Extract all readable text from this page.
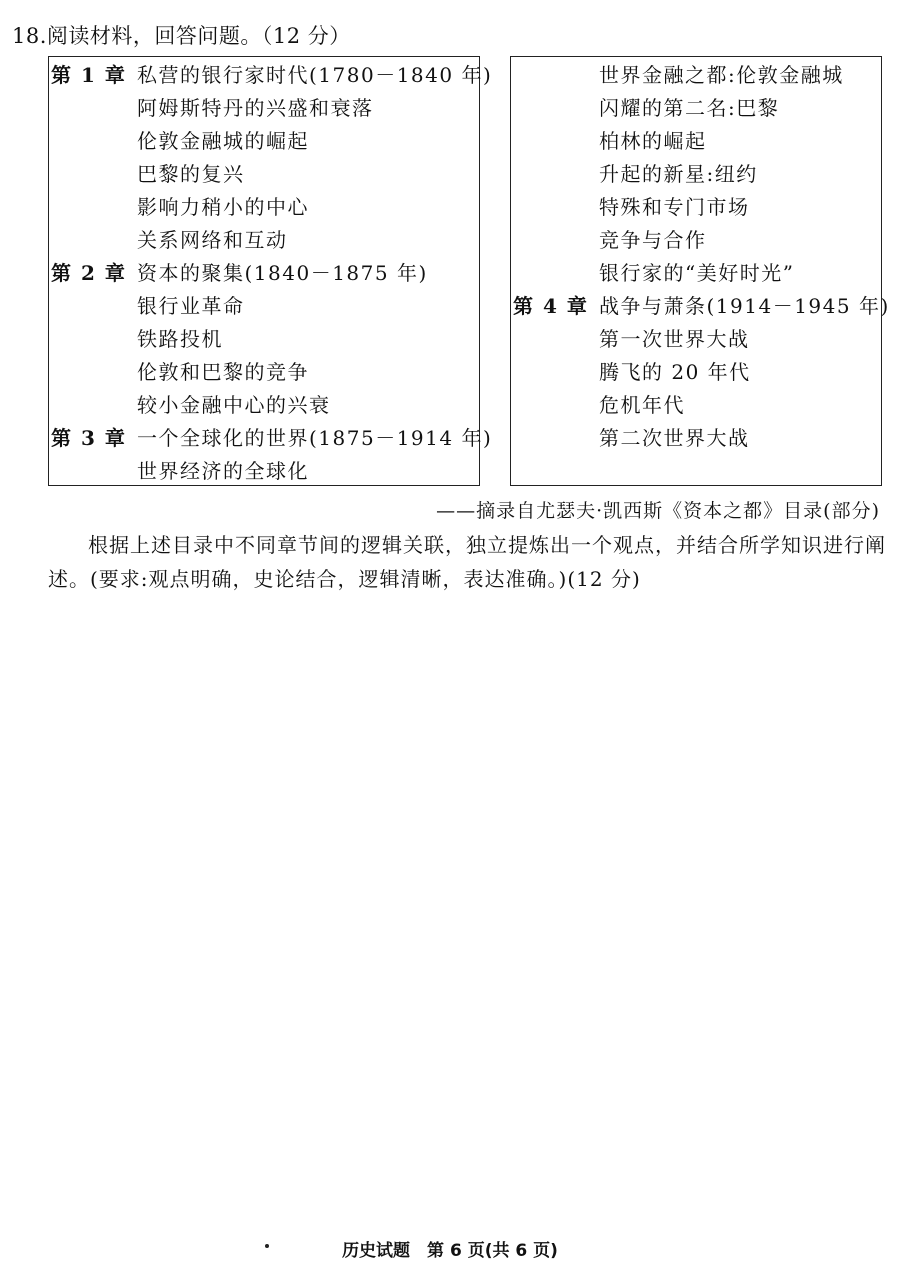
18.阅读材料，回答问题。（12 分）
第 1 章 私营的银行家时代(1780－1840 年)
阿姆斯特丹的兴盛和衰落
伦敦金融城的崛起
巴黎的复兴
影响力稍小的中心
关系网络和互动
第 2 章 资本的聚集(1840－1875 年)
银行业革命
铁路投机
伦敦和巴黎的竞争
较小金融中心的兴衰
第 3 章 一个全球化的世界(1875－1914 年)
世界经济的全球化
世界金融之都:伦敦金融城
闪耀的第二名:巴黎
柏林的崛起
升起的新星:纽约
特殊和专门市场
竞争与合作
银行家的“美好时光”
第 4 章 战争与萧条(1914－1945 年)
第一次世界大战
腾飞的 20 年代
危机年代
第二次世界大战
——摘录自尤瑟夫·凯西斯《资本之都》目录(部分)
根据上述目录中不同章节间的逻辑关联，独立提炼出一个观点，并结合所学知识进行阐述。(要求:观点明确，史论结合，逻辑清晰，表达准确。)(12 分)
历史试题　第 6 页(共 6 页)
